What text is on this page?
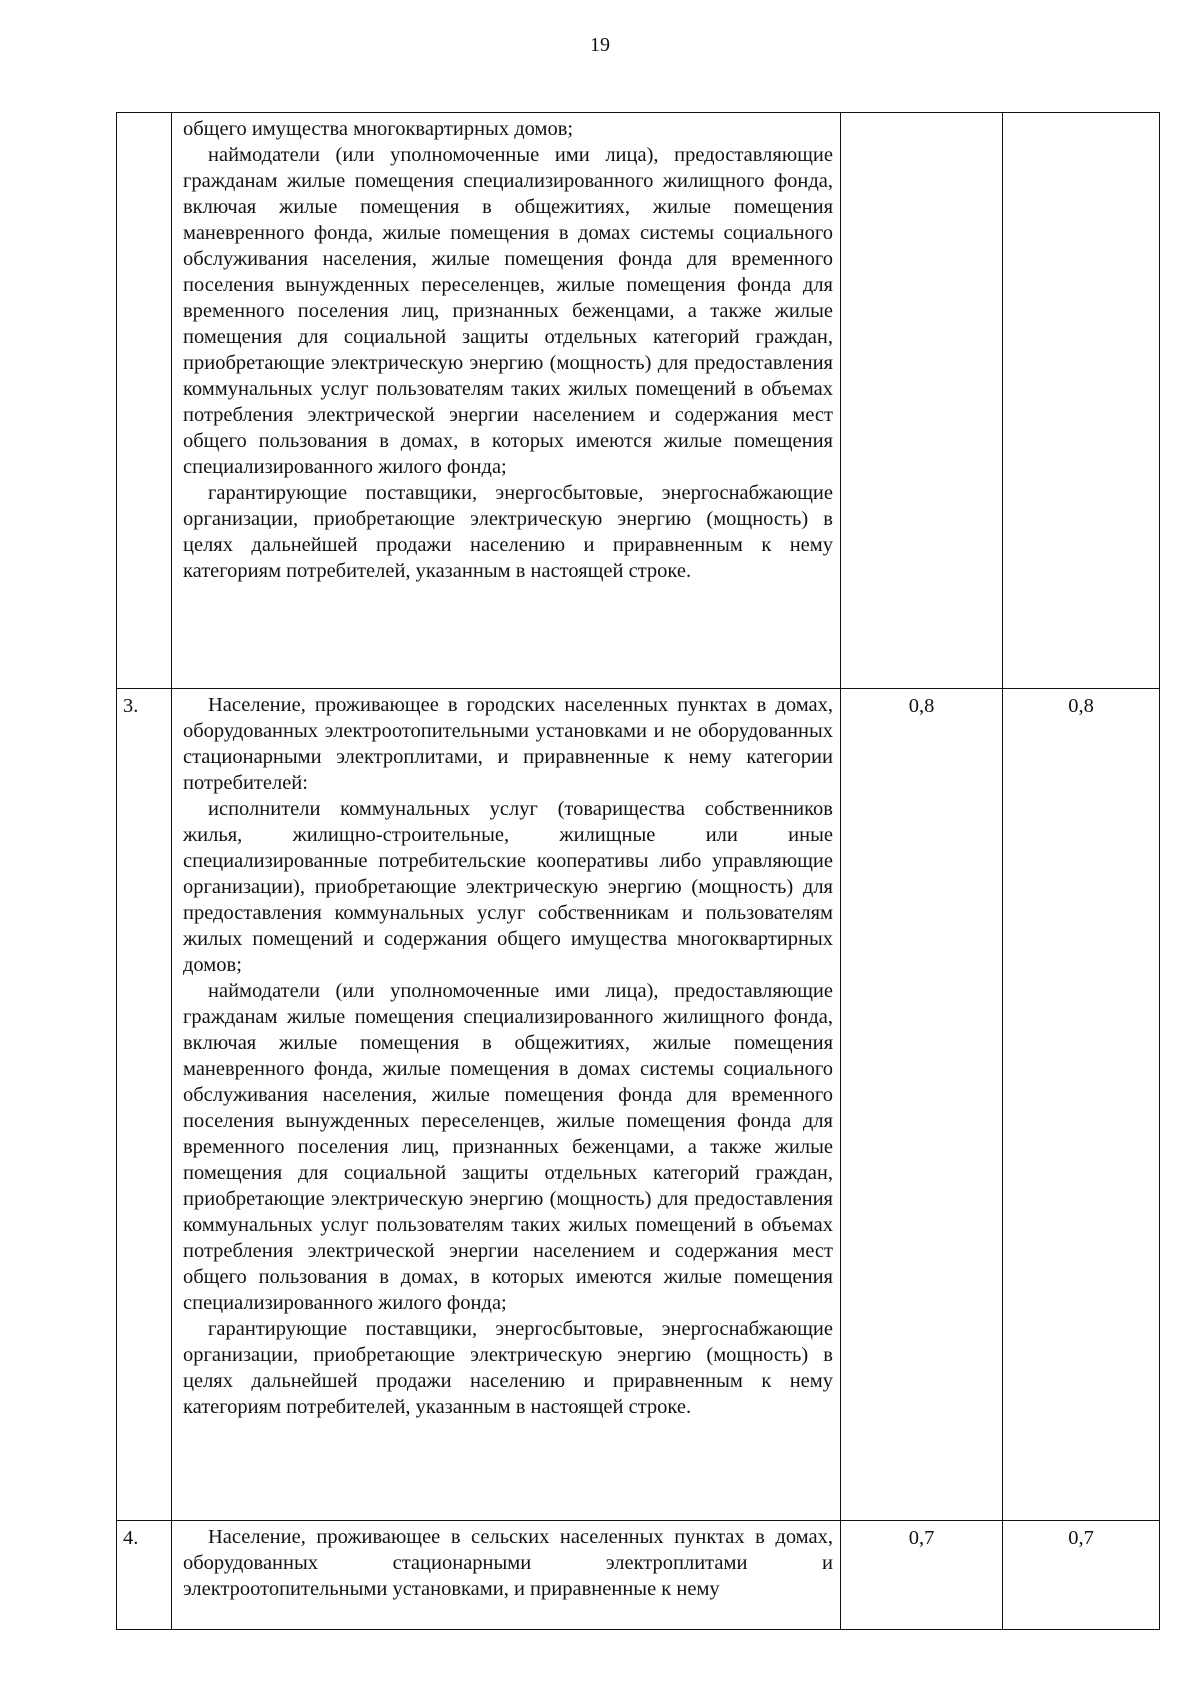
19

	общего имущества многоквартирных домов;

наймодатели (или уполномоченные ими лица), предоставляющие гражданам жилые помещения специализированного жилищного фонда, включая жилые помещения в общежитиях, жилые помещения маневренного фонда, жилые помещения в домах системы социального обслуживания населения, жилые помещения фонда для временного поселения вынужденных переселенцев, жилые помещения фонда для временного поселения лиц, признанных беженцами, а также жилые помещения для социальной защиты отдельных категорий граждан, приобретающие электрическую энергию (мощность) для предоставления коммунальных услуг пользователям таких жилых помещений в объемах потребления электрической энергии населением и содержания мест общего пользования в домах, в которых имеются жилые помещения специализированного жилого фонда;

гарантирующие поставщики, энергосбытовые, энергоснабжающие организации, приобретающие электрическую энергию (мощность) в целях дальнейшей продажи населению и приравненным к нему категориям потребителей, указанным в настоящей строке.		

3.	Население, проживающее в городских населенных пунктах в домах, оборудованных электроотопительными установками и не оборудованных стационарными электроплитами, и приравненные к нему категории потребителей:

исполнители коммунальных услуг (товарищества собственников жилья, жилищно-строительные, жилищные или иные специализированные потребительские кооперативы либо управляющие организации), приобретающие электрическую энергию (мощность) для предоставления коммунальных услуг собственникам и пользователям жилых помещений и содержания общего имущества многоквартирных домов;

наймодатели (или уполномоченные ими лица), предоставляющие гражданам жилые помещения специализированного жилищного фонда, включая жилые помещения в общежитиях, жилые помещения маневренного фонда, жилые помещения в домах системы социального обслуживания населения, жилые помещения фонда для временного поселения вынужденных переселенцев, жилые помещения фонда для временного поселения лиц, признанных беженцами, а также жилые помещения для социальной защиты отдельных категорий граждан, приобретающие электрическую энергию (мощность) для предоставления коммунальных услуг пользователям таких жилых помещений в объемах потребления электрической энергии населением и содержания мест общего пользования в домах, в которых имеются жилые помещения специализированного жилого фонда;

гарантирующие поставщики, энергосбытовые, энергоснабжающие организации, приобретающие электрическую энергию (мощность) в целях дальнейшей продажи населению и приравненным к нему категориям потребителей, указанным в настоящей строке.	0,8	0,8
4.	Население, проживающее в сельских населенных пунктах в домах, оборудованных стационарными электроплитами и электроотопительными установками, и приравненные к нему	0,7	0,7
